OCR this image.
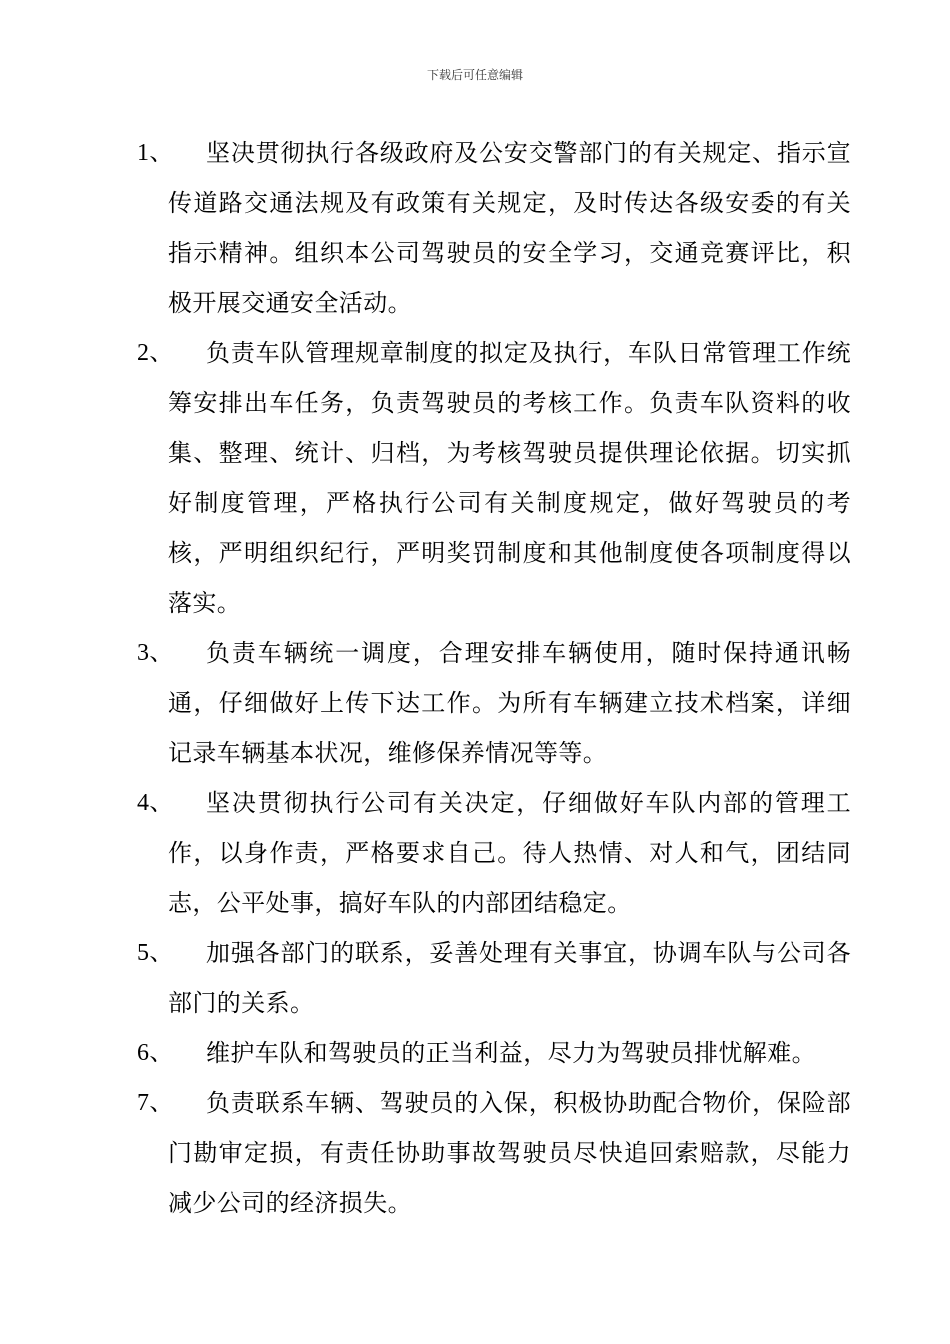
下载后可任意编辑
1、	坚决贯彻执行各级政府及公安交警部门的有关规定、指示宣传道路交通法规及有政策有关规定，及时传达各级安委的有关指示精神。组织本公司驾驶员的安全学习，交通竞赛评比，积极开展交通安全活动。
2、	负责车队管理规章制度的拟定及执行，车队日常管理工作统筹安排出车任务，负责驾驶员的考核工作。负责车队资料的收集、整理、统计、归档，为考核驾驶员提供理论依据。切实抓好制度管理，严格执行公司有关制度规定，做好驾驶员的考核，严明组织纪行，严明奖罚制度和其他制度使各项制度得以落实。
3、	负责车辆统一调度，合理安排车辆使用，随时保持通讯畅通，仔细做好上传下达工作。为所有车辆建立技术档案，详细记录车辆基本状况，维修保养情况等等。
4、	坚决贯彻执行公司有关决定，仔细做好车队内部的管理工作，以身作责，严格要求自己。待人热情、对人和气，团结同志，公平处事，搞好车队的内部团结稳定。
5、	加强各部门的联系，妥善处理有关事宜，协调车队与公司各部门的关系。
6、	维护车队和驾驶员的正当利益，尽力为驾驶员排忧解难。
7、	负责联系车辆、驾驶员的入保，积极协助配合物价，保险部门勘审定损，有责任协助事故驾驶员尽快追回索赔款，尽能力减少公司的经济损失。
